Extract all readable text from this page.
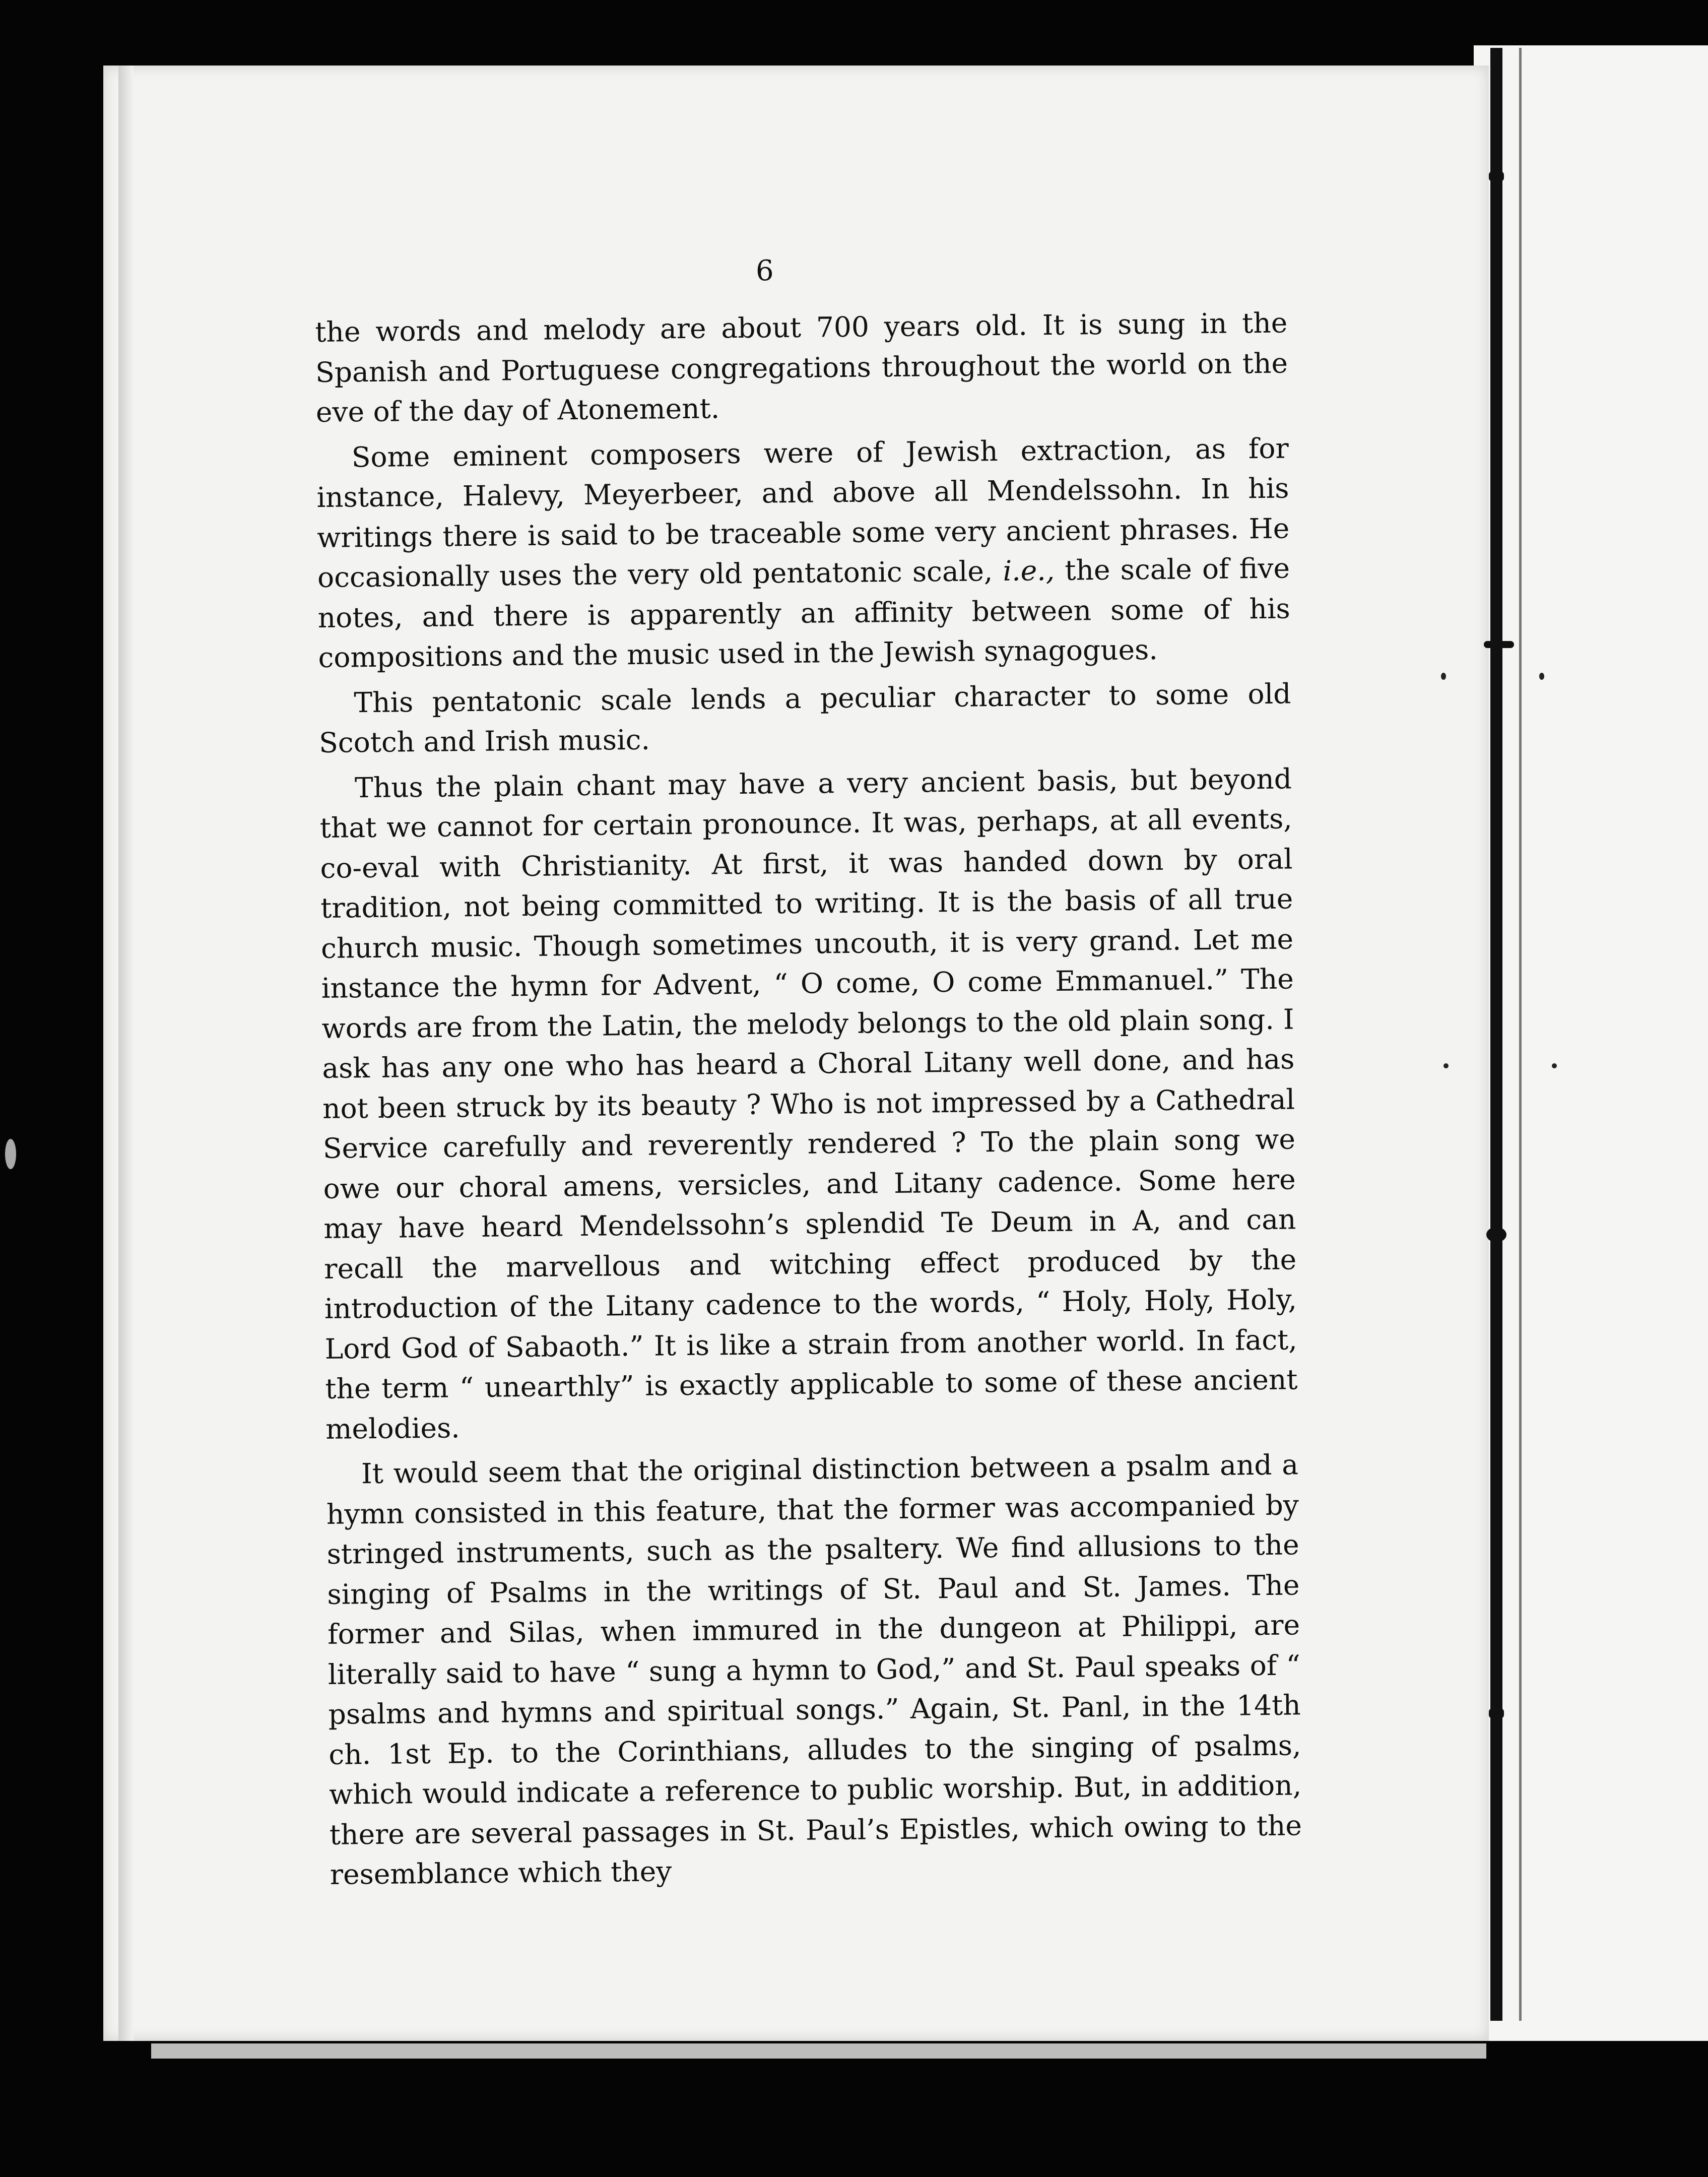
6

the words and melody are about 700 years old. It is sung in the Spanish and Portuguese congregations throughout the world on the eve of the day of Atonement.

Some eminent composers were of Jewish extraction, as for instance, Halevy, Meyerbeer, and above all Mendelssohn. In his writings there is said to be traceable some very ancient phrases. He occasionally uses the very old pentatonic scale, i.e., the scale of five notes, and there is apparently an affinity between some of his compositions and the music used in the Jewish synagogues.

This pentatonic scale lends a peculiar character to some old Scotch and Irish music.

Thus the plain chant may have a very ancient basis, but beyond that we cannot for certain pronounce. It was, perhaps, at all events, co-eval with Christianity. At first, it was handed down by oral tradition, not being committed to writing. It is the basis of all true church music. Though sometimes uncouth, it is very grand. Let me instance the hymn for Advent, “ O come, O come Emmanuel.” The words are from the Latin, the melody belongs to the old plain song. I ask has any one who has heard a Choral Litany well done, and has not been struck by its beauty ? Who is not impressed by a Cathedral Service carefully and reverently rendered ? To the plain song we owe our choral amens, versicles, and Litany cadence. Some here may have heard Mendelssohn’s splendid Te Deum in A, and can recall the marvellous and witching effect produced by the introduction of the Litany cadence to the words, “ Holy, Holy, Holy, Lord God of Sabaoth.” It is like a strain from another world. In fact, the term “ unearthly” is exactly applicable to some of these ancient melodies.

It would seem that the original distinction between a psalm and a hymn consisted in this feature, that the former was accompanied by stringed instruments, such as the psaltery. We find allusions to the singing of Psalms in the writings of St. Paul and St. James. The former and Silas, when immured in the dungeon at Philippi, are literally said to have “ sung a hymn to God,” and St. Paul speaks of “ psalms and hymns and spiritual songs.” Again, St. Panl, in the 14th ch. 1st Ep. to the Corinthians, alludes to the singing of psalms, which would indicate a reference to public worship. But, in addition, there are several passages in St. Paul’s Epistles, which owing to the resemblance which they
